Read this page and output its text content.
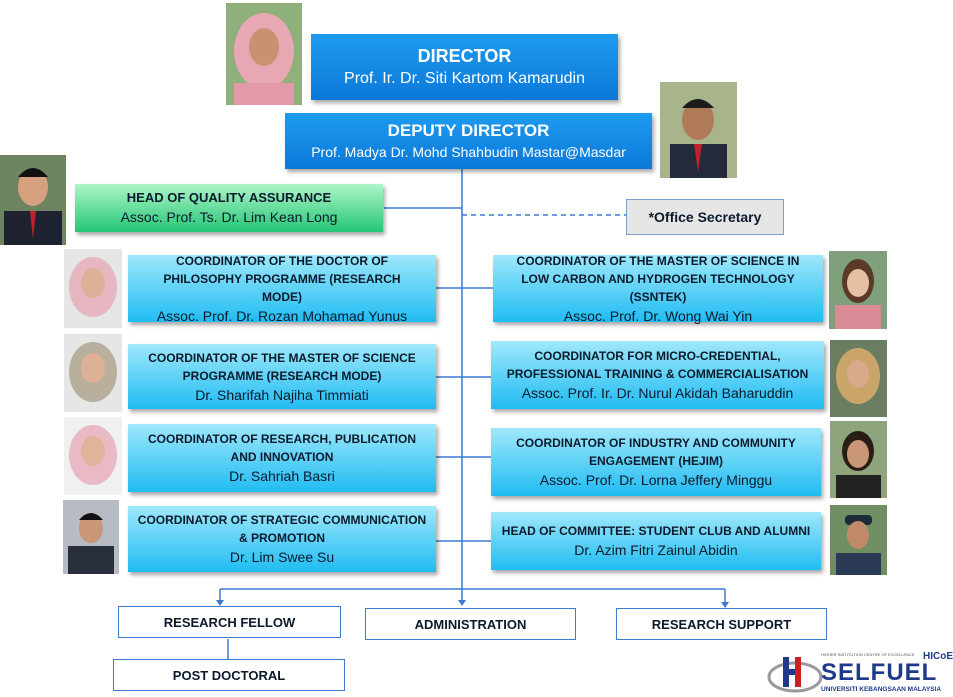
DIRECTOR
Prof. Ir. Dr. Siti Kartom Kamarudin
DEPUTY DIRECTOR
Prof. Madya Dr. Mohd Shahbudin Mastar@Masdar
HEAD OF QUALITY ASSURANCE
Assoc. Prof. Ts. Dr. Lim Kean Long	*Office Secretary
COORDINATOR OF THE DOCTOR OF PHILOSOPHY PROGRAMME (RESEARCH MODE)
Assoc. Prof. Dr. Rozan Mohamad Yunus
COORDINATOR OF THE MASTER OF SCIENCE PROGRAMME (RESEARCH MODE)
Dr. Sharifah Najiha Timmiati
COORDINATOR OF RESEARCH, PUBLICATION AND INNOVATION
Dr. Sahriah Basri
COORDINATOR OF STRATEGIC COMMUNICATION & PROMOTION
Dr. Lim Swee Su
COORDINATOR OF THE MASTER OF SCIENCE IN LOW CARBON AND HYDROGEN TECHNOLOGY (SSNTEK)
Assoc. Prof. Dr. Wong Wai Yin
COORDINATOR FOR MICRO-CREDENTIAL, PROFESSIONAL TRAINING & COMMERCIALISATION
Assoc. Prof. Ir. Dr. Nurul Akidah Baharuddin
COORDINATOR OF INDUSTRY AND COMMUNITY ENGAGEMENT (HEJIM)
Assoc. Prof. Dr. Lorna Jeffery Minggu
HEAD OF COMMITTEE: STUDENT CLUB AND ALUMNI
Dr. Azim Fitri Zainul Abidin
RESEARCH FELLOW	ADMINISTRATION	RESEARCH SUPPORT
POST DOCTORAL
HIGHER INSTITUTION CENTRE OF EXCELLENCE HICoE
SELFUEL
UNIVERSITI KEBANGSAAN MALAYSIA
